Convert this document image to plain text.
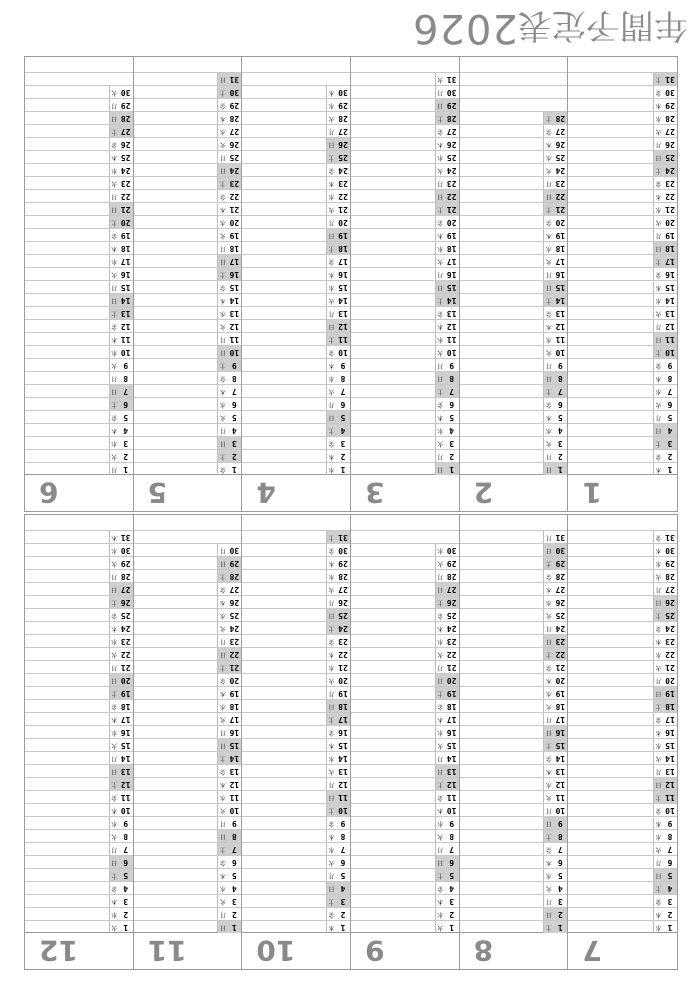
年間予定表
2026
1
1
木
2
金
3
土
4
日
5
月
6
火
7
水
8
木
9
金
10
土
11
日
12
月
13
火
14
水
15
木
16
金
17
土
18
日
19
月
20
火
21
水
22
木
23
金
24
土
25
日
26
月
27
火
28
水
29
木
30
金
31
土
2
1
日
2
月
3
火
4
水
5
木
6
金
7
土
8
日
9
月
10
火
11
水
12
木
13
金
14
土
15
日
16
月
17
火
18
水
19
木
20
金
21
土
22
日
23
月
24
火
25
水
26
木
27
金
28
土
3
1
日
2
月
3
火
4
水
5
木
6
金
7
土
8
日
9
月
10
火
11
水
12
木
13
金
14
土
15
日
16
月
17
火
18
水
19
木
20
金
21
土
22
日
23
月
24
火
25
水
26
木
27
金
28
土
29
日
30
月
31
火
4
1
水
2
木
3
金
4
土
5
日
6
月
7
火
8
水
9
木
10
金
11
土
12
日
13
月
14
火
15
水
16
木
17
金
18
土
19
日
20
月
21
火
22
水
23
木
24
金
25
土
26
日
27
月
28
火
29
水
30
木
5
1
金
2
土
3
日
4
月
5
火
6
水
7
木
8
金
9
土
10
日
11
月
12
火
13
水
14
木
15
金
16
土
17
日
18
月
19
火
20
水
21
木
22
金
23
土
24
日
25
月
26
火
27
水
28
木
29
金
30
土
31
日
6
1
月
2
火
3
水
4
木
5
金
6
土
7
日
8
月
9
火
10
水
11
木
12
金
13
土
14
日
15
月
16
火
17
水
18
木
19
金
20
土
21
日
22
月
23
火
24
水
25
木
26
金
27
土
28
日
29
月
30
火
7
1
水
2
木
3
金
4
土
5
日
6
月
7
火
8
水
9
木
10
金
11
土
12
日
13
月
14
火
15
水
16
木
17
金
18
土
19
日
20
月
21
火
22
水
23
木
24
金
25
土
26
日
27
月
28
火
29
水
30
木
31
金
8
1
土
2
日
3
月
4
火
5
水
6
木
7
金
8
土
9
日
10
月
11
火
12
水
13
木
14
金
15
土
16
日
17
月
18
火
19
水
20
木
21
金
22
土
23
日
24
月
25
火
26
水
27
木
28
金
29
土
30
日
31
月
9
1
火
2
水
3
木
4
金
5
土
6
日
7
月
8
火
9
水
10
木
11
金
12
土
13
日
14
月
15
火
16
水
17
木
18
金
19
土
20
日
21
月
22
火
23
水
24
木
25
金
26
土
27
日
28
月
29
火
30
水
10
1
木
2
金
3
土
4
日
5
月
6
火
7
水
8
木
9
金
10
土
11
日
12
月
13
火
14
水
15
木
16
金
17
土
18
日
19
月
20
火
21
水
22
木
23
金
24
土
25
日
26
月
27
火
28
水
29
木
30
金
31
土
11
1
日
2
月
3
火
4
水
5
木
6
金
7
土
8
日
9
月
10
火
11
水
12
木
13
金
14
土
15
日
16
月
17
火
18
水
19
木
20
金
21
土
22
日
23
月
24
火
25
水
26
木
27
金
28
土
29
日
30
月
12
1
火
2
水
3
木
4
金
5
土
6
日
7
月
8
火
9
水
10
木
11
金
12
土
13
日
14
月
15
火
16
水
17
木
18
金
19
土
20
日
21
月
22
火
23
水
24
木
25
金
26
土
27
日
28
月
29
火
30
水
31
木
